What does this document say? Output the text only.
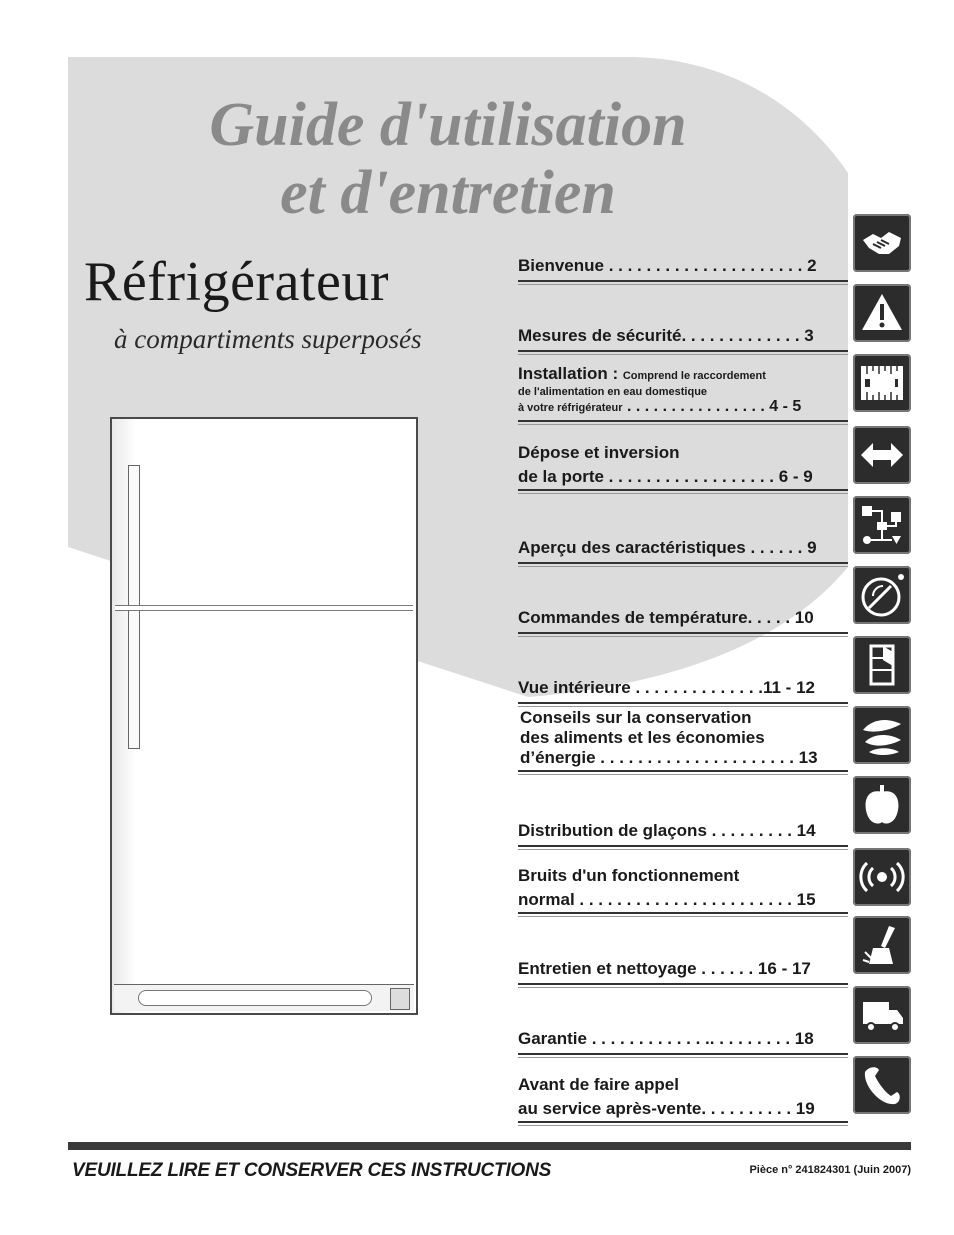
Guide d'utilisation
et d'entretien
Réfrigérateur
à compartiments superposés
Bienvenue . . . . . . . . . . . . . . . . . . . . . 2
Mesures de sécurité. . . . . . . . . . . . . 3
Installation : Comprend le raccordement
de l'alimentation en eau domestique
à votre réfrigérateur . . . . . . . . . . . . . . . . 4 - 5
Dépose et inversion
de la porte . . . . . . . . . . . . . . . . . . 6 - 9
Aperçu des caractéristiques . . . . . . 9
Commandes de température. . . . . 10
Vue intérieure . . . . . . . . . . . . . .11 - 12
Conseils sur la conservation
des aliments et les économies
d’énergie . . . . . . . . . . . . . . . . . . . . . 13
Distribution de glaçons . . . . . . . . . 14
Bruits d'un fonctionnement
normal . . . . . . . . . . . . . . . . . . . . . . . 15
Entretien et nettoyage . . . . . . 16 - 17
Garantie . . . . . . . . . . . . .. . . . . . . . . 18
Avant de faire appel
au service après-vente. . . . . . . . . . 19
VEUILLEZ LIRE ET CONSERVER CES INSTRUCTIONS	Pièce n° 241824301 (Juin 2007)
